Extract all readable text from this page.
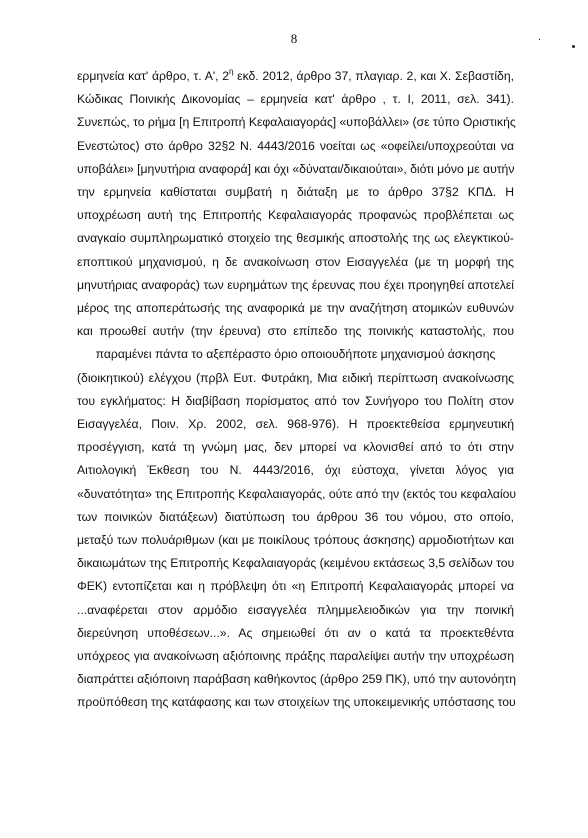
8	.
ερμηνεία κατ' άρθρο, τ. Α', $2^\eta$ εκδ. 2012, άρθρο 37, πλαγιαρ. 2, και Χ. Σεβαστίδη,
Κώδικας Ποινικής Δικονομίας – ερμηνεία κατ' άρθρο , τ. Ι, 2011, σελ. 341).
Συνεπώς, το ρήμα [η Επιτροπή Κεφαλαιαγοράς] «υποβάλλει» (σε τύπο Οριστικής
Ενεστώτος) στο άρθρο 32§2 Ν. 4443/2016 νοείται ως «οφείλει/υποχρεούται να
υποβάλει» [μηνυτήρια αναφορά] και όχι «δύναται/δικαιούται», διότι μόνο με αυτήν
την ερμηνεία καθίσταται συμβατή η διάταξη με το άρθρο 37§2 ΚΠΔ. Η
υποχρέωση αυτή της Επιτροπής Κεφαλαιαγοράς προφανώς προβλέπεται ως
αναγκαίο συμπληρωματικό στοιχείο της θεσμικής αποστολής της ως ελεγκτικού-
εποπτικού μηχανισμού, η δε ανακοίνωση στον Εισαγγελέα (με τη μορφή της
μηνυτήριας αναφοράς) των ευρημάτων της έρευνας που έχει προηγηθεί αποτελεί
μέρος της αποπεράτωσής της αναφορικά με την αναζήτηση ατομικών ευθυνών
και προωθεί αυτήν (την έρευνα) στο επίπεδο της ποινικής καταστολής, που
παραμένει πάντα το αξεπέραστο όριο οποιουδήποτε μηχανισμού άσκησης
(διοικητικού) ελέγχου (πρβλ Ευτ. Φυτράκη, Μια ειδική περίπτωση ανακοίνωσης
του εγκλήματος: Η διαβίβαση πορίσματος από τον Συνήγορο του Πολίτη στον
Εισαγγελέα, Ποιν. Χρ. 2002, σελ. 968-976). Η προεκτεθείσα ερμηνευτική
προσέγγιση, κατά τη γνώμη μας, δεν μπορεί να κλονισθεί από το ότι στην
Αιτιολογική Έκθεση του Ν. 4443/2016, όχι εύστοχα, γίνεται λόγος για
«δυνατότητα» της Επιτροπής Κεφαλαιαγοράς, ούτε από την (εκτός του κεφαλαίου
των ποινικών διατάξεων) διατύπωση του άρθρου 36 του νόμου, στο οποίο,
μεταξύ των πολυάριθμων (και με ποικίλους τρόπους άσκησης) αρμοδιοτήτων και
δικαιωμάτων της Επιτροπής Κεφαλαιαγοράς (κειμένου εκτάσεως 3,5 σελίδων του
ΦΕΚ) εντοπίζεται και η πρόβλεψη ότι «η Επιτροπή Κεφαλαιαγοράς μπορεί να
...αναφέρεται στον αρμόδιο εισαγγελέα πλημμελειοδικών για την ποινική
διερεύνηση υποθέσεων...». Ας σημειωθεί ότι αν ο κατά τα προεκτεθέντα
υπόχρεος για ανακοίνωση αξιόποινης πράξης παραλείψει αυτήν την υποχρέωση
διαπράττει αξιόποινη παράβαση καθήκοντος (άρθρο 259 ΠΚ), υπό την αυτονόητη
προϋπόθεση της κατάφασης και των στοιχείων της υποκειμενικής υπόστασης του
